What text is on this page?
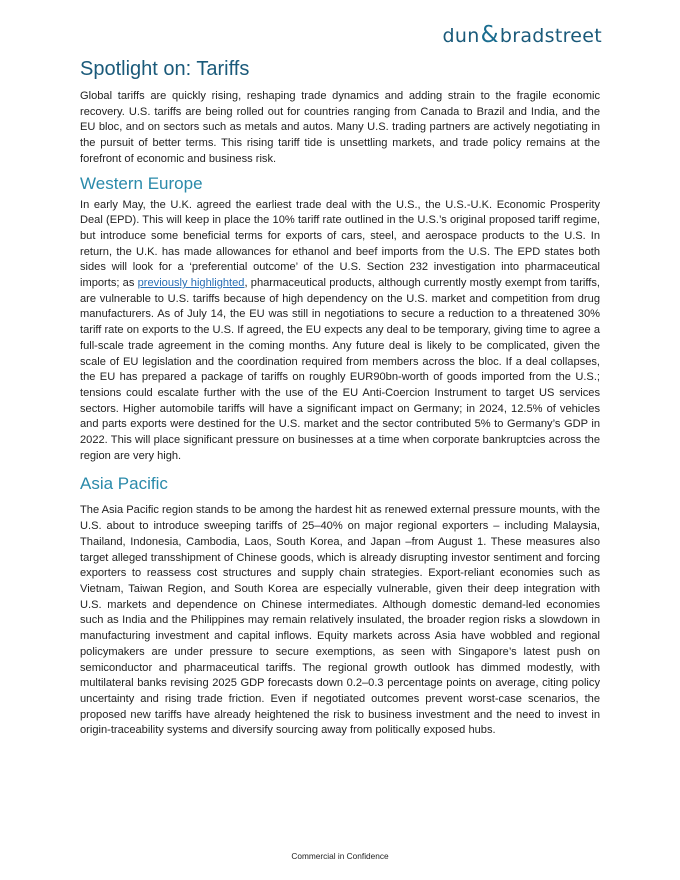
dun&bradstreet
Spotlight on: Tariffs

Global tariffs are quickly rising, reshaping trade dynamics and adding strain to the fragile economic recovery. U.S. tariffs are being rolled out for countries ranging from Canada to Brazil and India, and the EU bloc, and on sectors such as metals and autos. Many U.S. trading partners are actively negotiating in the pursuit of better terms. This rising tariff tide is unsettling markets, and trade policy remains at the forefront of economic and business risk.

Western Europe

In early May, the U.K. agreed the earliest trade deal with the U.S., the U.S.-U.K. Economic Prosperity Deal (EPD). This will keep in place the 10% tariff rate outlined in the U.S.’s original proposed tariff regime, but introduce some beneficial terms for exports of cars, steel, and aerospace products to the U.S. In return, the U.K. has made allowances for ethanol and beef imports from the U.S. The EPD states both sides will look for a ‘preferential outcome’ of the U.S. Section 232 investigation into pharmaceutical imports; as previously highlighted, pharmaceutical products, although currently mostly exempt from tariffs, are vulnerable to U.S. tariffs because of high dependency on the U.S. market and competition from drug manufacturers. As of July 14, the EU was still in negotiations to secure a reduction to a threatened 30% tariff rate on exports to the U.S. If agreed, the EU expects any deal to be temporary, giving time to agree a full-scale trade agreement in the coming months. Any future deal is likely to be complicated, given the scale of EU legislation and the coordination required from members across the bloc. If a deal collapses, the EU has prepared a package of tariffs on roughly EUR90bn-worth of goods imported from the U.S.; tensions could escalate further with the use of the EU Anti-Coercion Instrument to target US services sectors. Higher automobile tariffs will have a significant impact on Germany; in 2024, 12.5% of vehicles and parts exports were destined for the U.S. market and the sector contributed 5% to Germany’s GDP in 2022. This will place significant pressure on businesses at a time when corporate bankruptcies across the region are very high.

Asia Pacific

The Asia Pacific region stands to be among the hardest hit as renewed external pressure mounts, with the U.S. about to introduce sweeping tariffs of 25–40% on major regional exporters – including Malaysia, Thailand, Indonesia, Cambodia, Laos, South Korea, and Japan –from August 1. These measures also target alleged transshipment of Chinese goods, which is already disrupting investor sentiment and forcing exporters to reassess cost structures and supply chain strategies. Export-reliant economies such as Vietnam, Taiwan Region, and South Korea are especially vulnerable, given their deep integration with U.S. markets and dependence on Chinese intermediates. Although domestic demand-led economies such as India and the Philippines may remain relatively insulated, the broader region risks a slowdown in manufacturing investment and capital inflows. Equity markets across Asia have wobbled and regional policymakers are under pressure to secure exemptions, as seen with Singapore’s latest push on semiconductor and pharmaceutical tariffs. The regional growth outlook has dimmed modestly, with multilateral banks revising 2025 GDP forecasts down 0.2–0.3 percentage points on average, citing policy uncertainty and rising trade friction. Even if negotiated outcomes prevent worst-case scenarios, the proposed new tariffs have already heightened the risk to business investment and the need to invest in origin-traceability systems and diversify sourcing away from politically exposed hubs.

Commercial in Confidence
